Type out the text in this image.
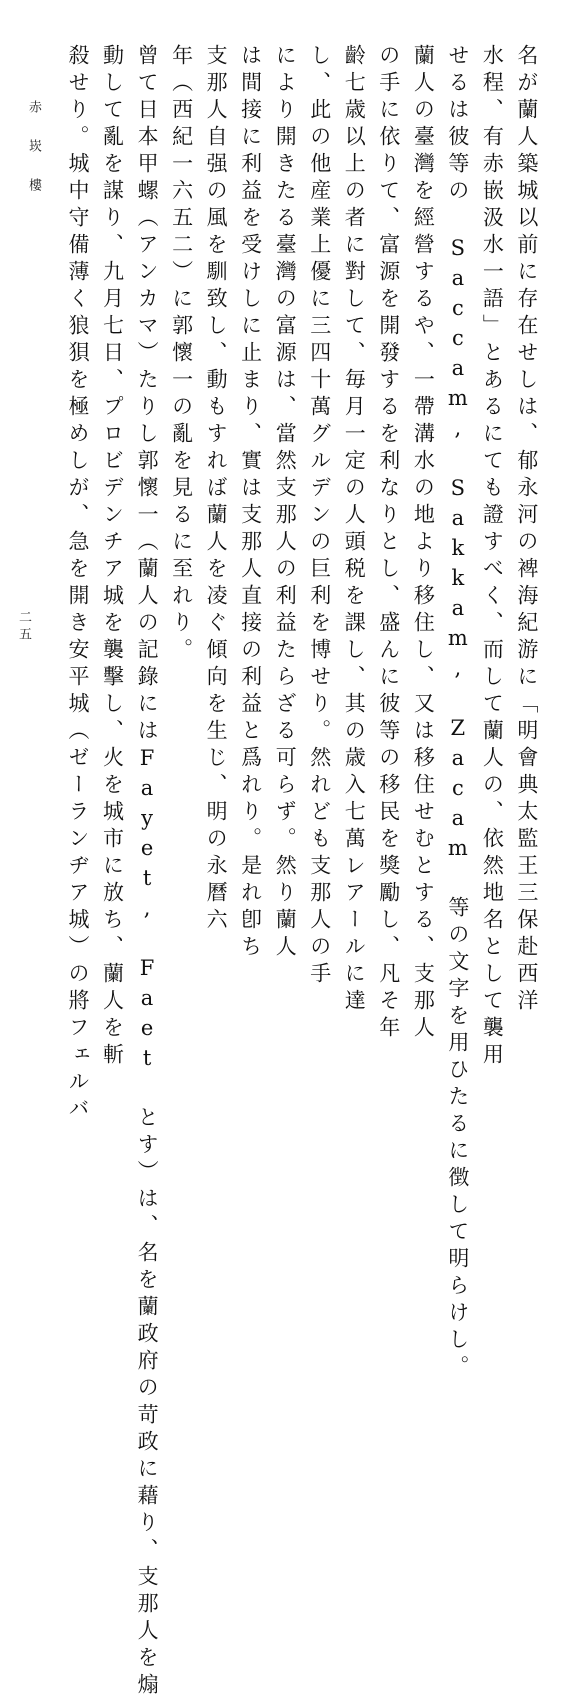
赤崁樓
二五	名が蘭人築城以前に存在せしは、郁永河の裨海紀游に「明會典太監王三保赴西洋
水程、有赤嵌汲水一語」とあるにても證すべく、而して蘭人の、依然地名として襲用
せるは彼等の Saccam, Sakkam, Zacam 等の文字を用ひたるに徴して明らけし。
蘭人の臺灣を經營するや、一帶溝水の地より移住し、又は移住せむとする、支那人
の手に依りて、富源を開發するを利なりとし、盛んに彼等の移民を獎勵し、凡そ年
齡七歳以上の者に對して、毎月一定の人頭税を課し、其の歳入七萬レアールに達
し、此の他産業上優に三四十萬グルデンの巨利を博せり。然れども支那人の手
により開きたる臺灣の富源は、當然支那人の利益たらざる可らず。然り蘭人
は間接に利益を受けしに止まり、實は支那人直接の利益と爲れり。是れ卽ち
支那人自强の風を馴致し、動もすれば蘭人を凌ぐ傾向を生じ、明の永曆六
年（西紀一六五二）に郭懷一の亂を見るに至れり。
曾て日本甲螺（アンカマ）たりし郭懷一（蘭人の記錄にはFayet, Faet とす）は、名を蘭政府の苛政に藉り、支那人を煽
動して亂を謀り、九月七日、プロビデンチア城を襲擊し、火を城市に放ち、蘭人を斬
殺せり。城中守備薄く狼狽を極めしが、急を開き安平城（ゼーランヂア城）の將フェルバ
